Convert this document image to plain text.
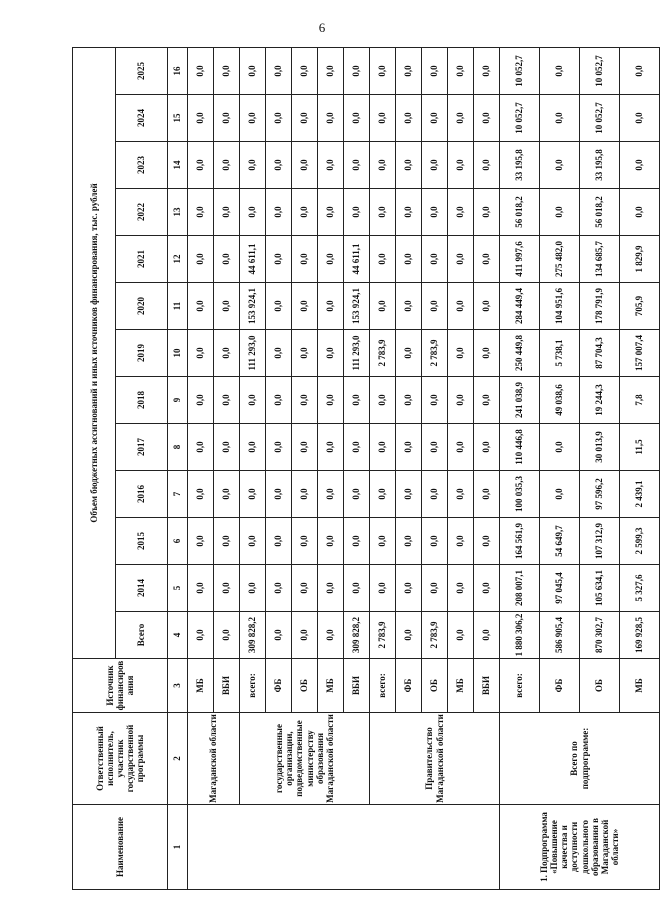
6
Наименование	Ответственный исполнитель, участник государственной программы	Источник финансирования	Объем бюджетных ассигнований и иных источников финансирования, тыс. рублей												
			Всего	2014	2015	2016	2017	2018	2019	2020	2021	2022	2023	2024	2025
1	2	3	4	5	6	7	8	9	10	11	12	13	14	15	16
	Магаданской области	МБ	0,0	0,0	0,0	0,0	0,0	0,0	0,0	0,0	0,0	0,0	0,0	0,0	0,0
		ВБИ	0,0	0,0	0,0	0,0	0,0	0,0	0,0	0,0	0,0	0,0	0,0	0,0	0,0
	государственные организации, подведомственные министерству образования Магаданской области	всего:	309 828,2	0,0	0,0	0,0	0,0	0,0	111 293,0	153 924,1	44 611,1	0,0	0,0	0,0	0,0
		ФБ	0,0	0,0	0,0	0,0	0,0	0,0	0,0	0,0	0,0	0,0	0,0	0,0	0,0
		ОБ	0,0	0,0	0,0	0,0	0,0	0,0	0,0	0,0	0,0	0,0	0,0	0,0	0,0
		МБ	0,0	0,0	0,0	0,0	0,0	0,0	0,0	0,0	0,0	0,0	0,0	0,0	0,0
		ВБИ	309 828,2	0,0	0,0	0,0	0,0	0,0	111 293,0	153 924,1	44 611,1	0,0	0,0	0,0	0,0
	Правительство Магаданской области	всего:	2 783,9	0,0	0,0	0,0	0,0	0,0	2 783,9	0,0	0,0	0,0	0,0	0,0	0,0
		ФБ	0,0	0,0	0,0	0,0	0,0	0,0	0,0	0,0	0,0	0,0	0,0	0,0	0,0
		ОБ	2 783,9	0,0	0,0	0,0	0,0	0,0	2 783,9	0,0	0,0	0,0	0,0	0,0	0,0
		МБ	0,0	0,0	0,0	0,0	0,0	0,0	0,0	0,0	0,0	0,0	0,0	0,0	0,0
		ВБИ	0,0	0,0	0,0	0,0	0,0	0,0	0,0	0,0	0,0	0,0	0,0	0,0	0,0
1. Подпрограмма «Повышение качества и доступности дошкольного образования в Магаданской области»	Всего по подпрограмме:	всего:	1 880 306,2	208 007,1	164 561,9	100 035,3	110 446,8	241 038,9	250 449,8	284 449,4	411 997,6	56 018,2	33 195,8	10 052,7	10 052,7
		ФБ	586 905,4	97 045,4	54 649,7	0,0	0,0	49 038,6	5 738,1	104 951,6	275 482,0	0,0	0,0	0,0	0,0
		ОБ	870 302,7	105 634,1	107 312,9	97 596,2	30 013,9	19 244,3	87 704,3	178 791,9	134 685,7	56 018,2	33 195,8	10 052,7	10 052,7
		МБ	169 928,5	5 327,6	2 599,3	2 439,1	11,5	7,8	157 007,4	705,9	1 829,9	0,0	0,0	0,0	0,0
